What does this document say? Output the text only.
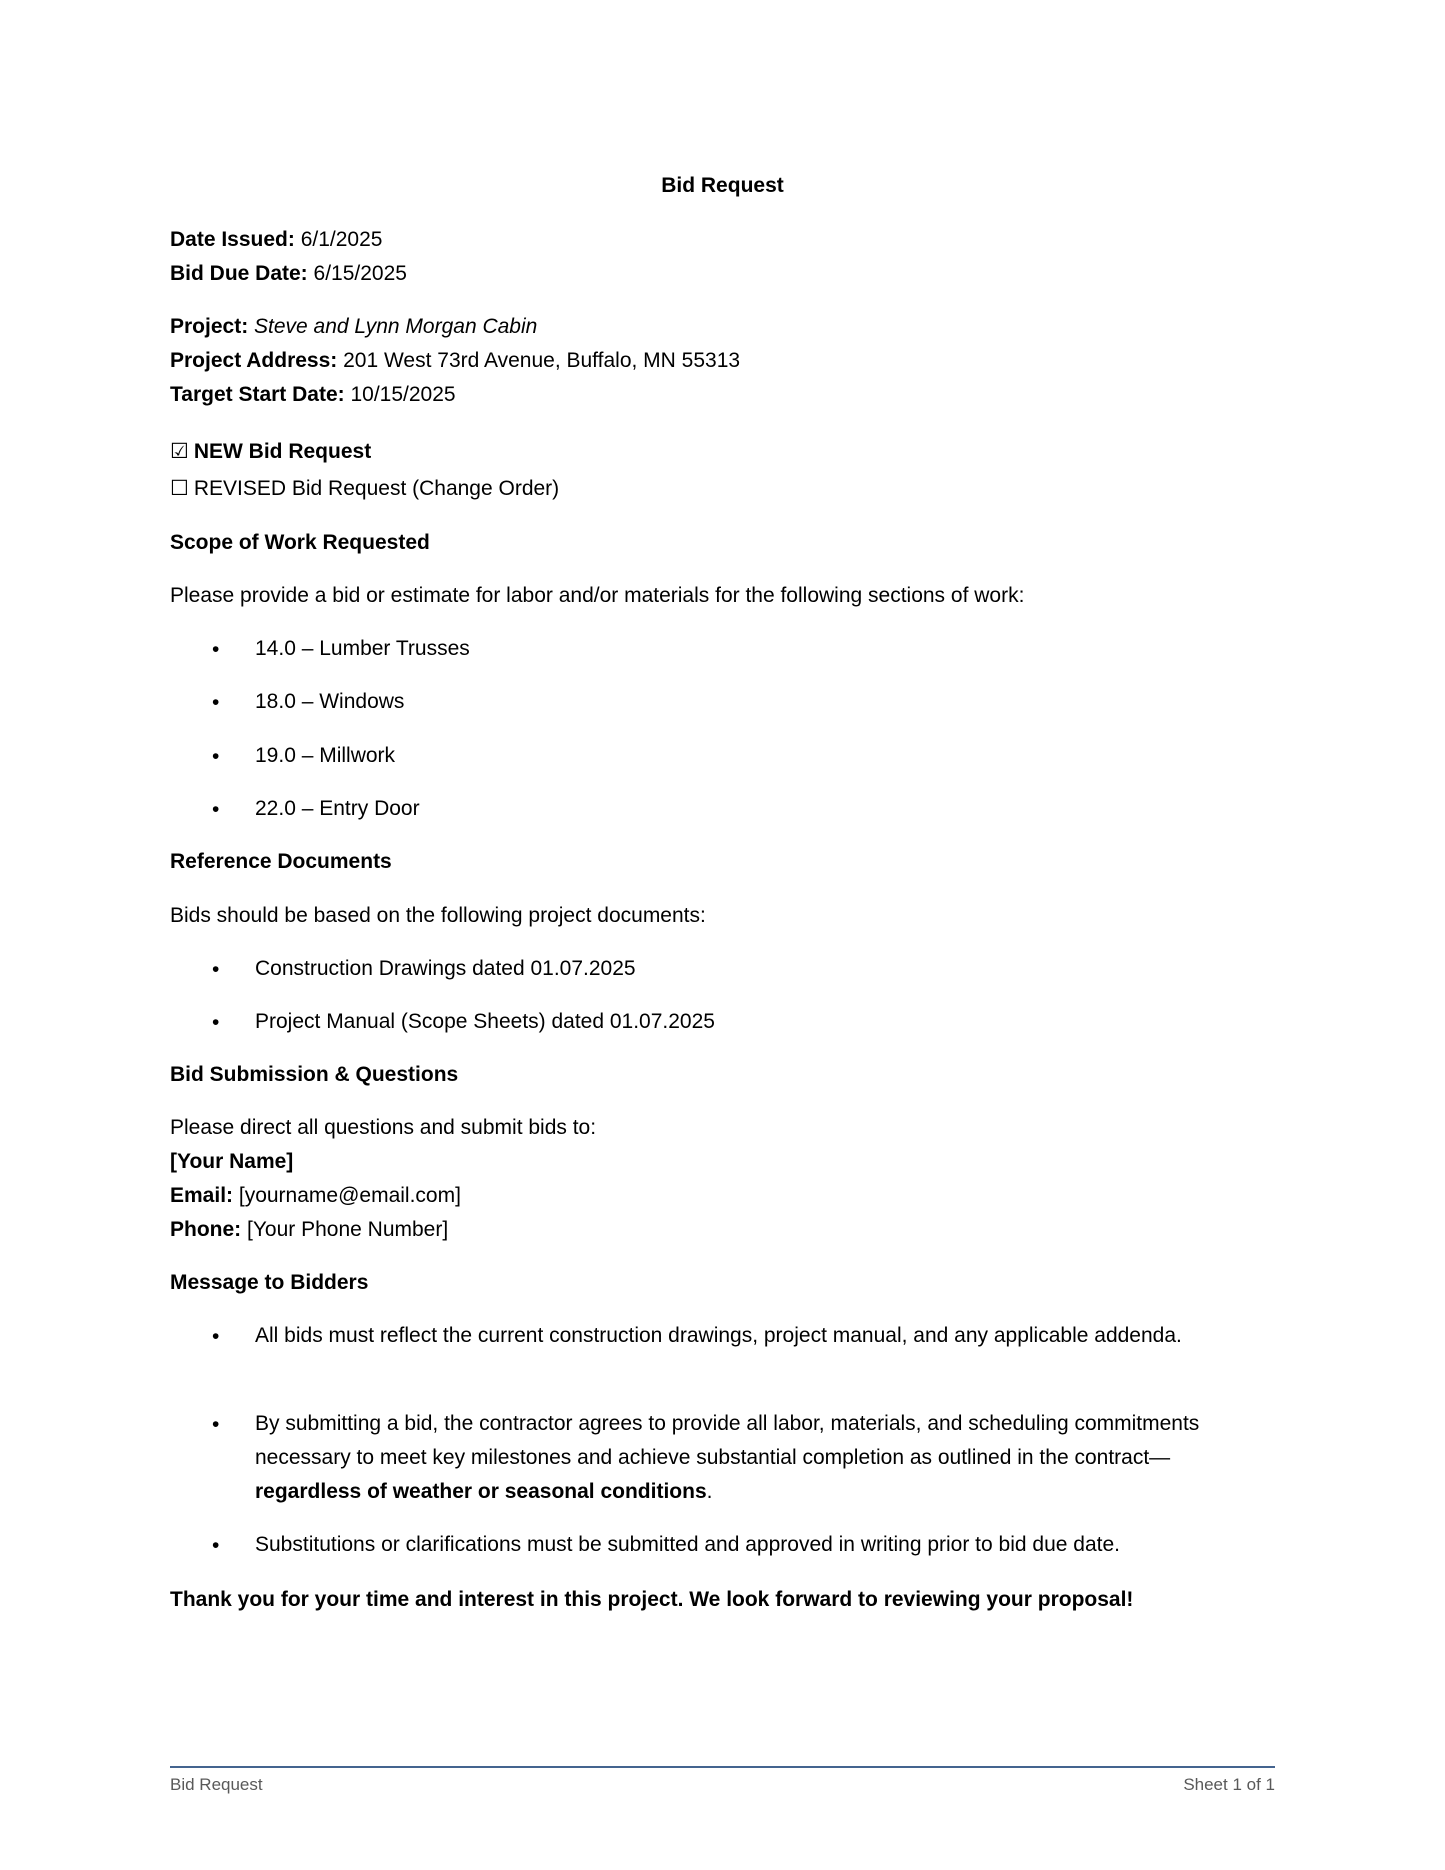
Bid Request
Date Issued: 6/1/2025
Bid Due Date: 6/15/2025
Project: Steve and Lynn Morgan Cabin
Project Address: 201 West 73rd Avenue, Buffalo, MN 55313
Target Start Date: 10/15/2025
☑ NEW Bid Request
☐ REVISED Bid Request (Change Order)
Scope of Work Requested
Please provide a bid or estimate for labor and/or materials for the following sections of work:
• 14.0 – Lumber Trusses
• 18.0 – Windows
• 19.0 – Millwork
• 22.0 – Entry Door
Reference Documents
Bids should be based on the following project documents:
• Construction Drawings dated 01.07.2025
• Project Manual (Scope Sheets) dated 01.07.2025
Bid Submission & Questions
Please direct all questions and submit bids to:
[Your Name]
Email: [yourname@email.com]
Phone: [Your Phone Number]
Message to Bidders
• All bids must reflect the current construction drawings, project manual, and any applicable addenda.
• By submitting a bid, the contractor agrees to provide all labor, materials, and scheduling commitments necessary to meet key milestones and achieve substantial completion as outlined in the contract—regardless of weather or seasonal conditions.
• Substitutions or clarifications must be submitted and approved in writing prior to bid due date.
Thank you for your time and interest in this project. We look forward to reviewing your proposal!
Bid Request	Sheet 1 of 1
